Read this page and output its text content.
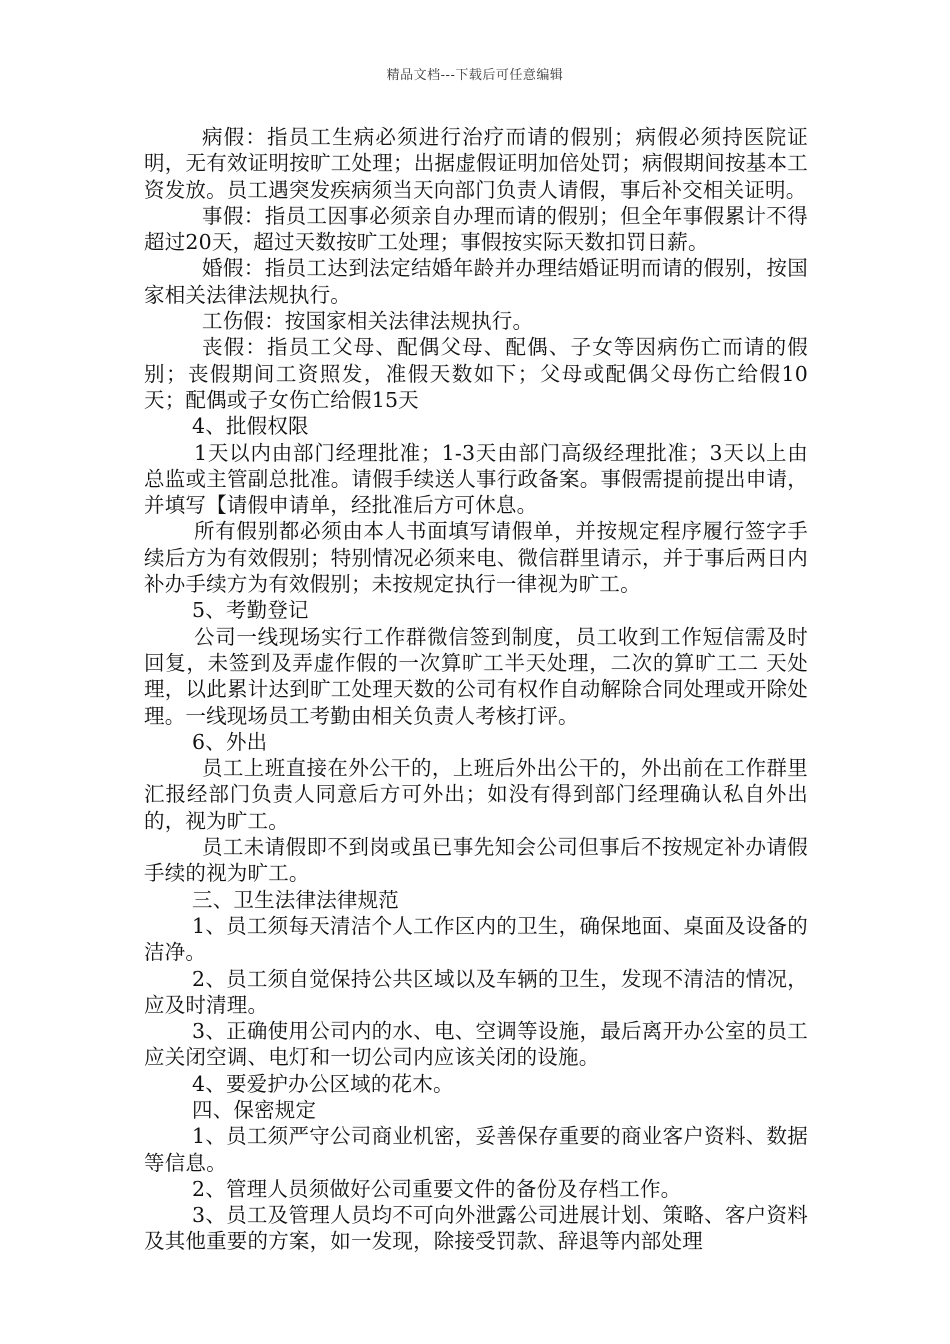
精品文档---下载后可任意编辑

病假：指员工生病必须进行治疗而请的假别；病假必须持医院证明，无有效证明按旷工处理；出据虚假证明加倍处罚；病假期间按基本工资发放。员工遇突发疾病须当天向部门负责人请假，事后补交相关证明。

事假：指员工因事必须亲自办理而请的假别；但全年事假累计不得超过20天，超过天数按旷工处理；事假按实际天数扣罚日薪。

婚假：指员工达到法定结婚年龄并办理结婚证明而请的假别，按国家相关法律法规执行。

工伤假：按国家相关法律法规执行。

丧假：指员工父母、配偶父母、配偶、子女等因病伤亡而请的假别；丧假期间工资照发，准假天数如下；父母或配偶父母伤亡给假10天；配偶或子女伤亡给假15天

4、批假权限

1天以内由部门经理批准；1-3天由部门高级经理批准；3天以上由总监或主管副总批准。请假手续送人事行政备案。事假需提前提出申请，并填写【请假申请单，经批准后方可休息。

所有假别都必须由本人书面填写请假单，并按规定程序履行签字手续后方为有效假别；特别情况必须来电、微信群里请示，并于事后两日内补办手续方为有效假别；未按规定执行一律视为旷工。

5、考勤登记

公司一线现场实行工作群微信签到制度，员工收到工作短信需及时回复，未签到及弄虚作假的一次算旷工半天处理，二次的算旷工二 天处理，以此累计达到旷工处理天数的公司有权作自动解除合同处理或开除处理。一线现场员工考勤由相关负责人考核打评。

6、外出

员工上班直接在外公干的，上班后外出公干的，外出前在工作群里汇报经部门负责人同意后方可外出；如没有得到部门经理确认私自外出的，视为旷工。

员工未请假即不到岗或虽已事先知会公司但事后不按规定补办请假手续的视为旷工。

三、卫生法律法律规范

1、员工须每天清洁个人工作区内的卫生，确保地面、桌面及设备的洁净。

2、员工须自觉保持公共区域以及车辆的卫生，发现不清洁的情况，应及时清理。

3、正确使用公司内的水、电、空调等设施，最后离开办公室的员工应关闭空调、电灯和一切公司内应该关闭的设施。

4、要爱护办公区域的花木。

四、保密规定

1、员工须严守公司商业机密，妥善保存重要的商业客户资料、数据等信息。

2、管理人员须做好公司重要文件的备份及存档工作。

3、员工及管理人员均不可向外泄露公司进展计划、策略、客户资料及其他重要的方案，如一发现，除接受罚款、辞退等内部处理
